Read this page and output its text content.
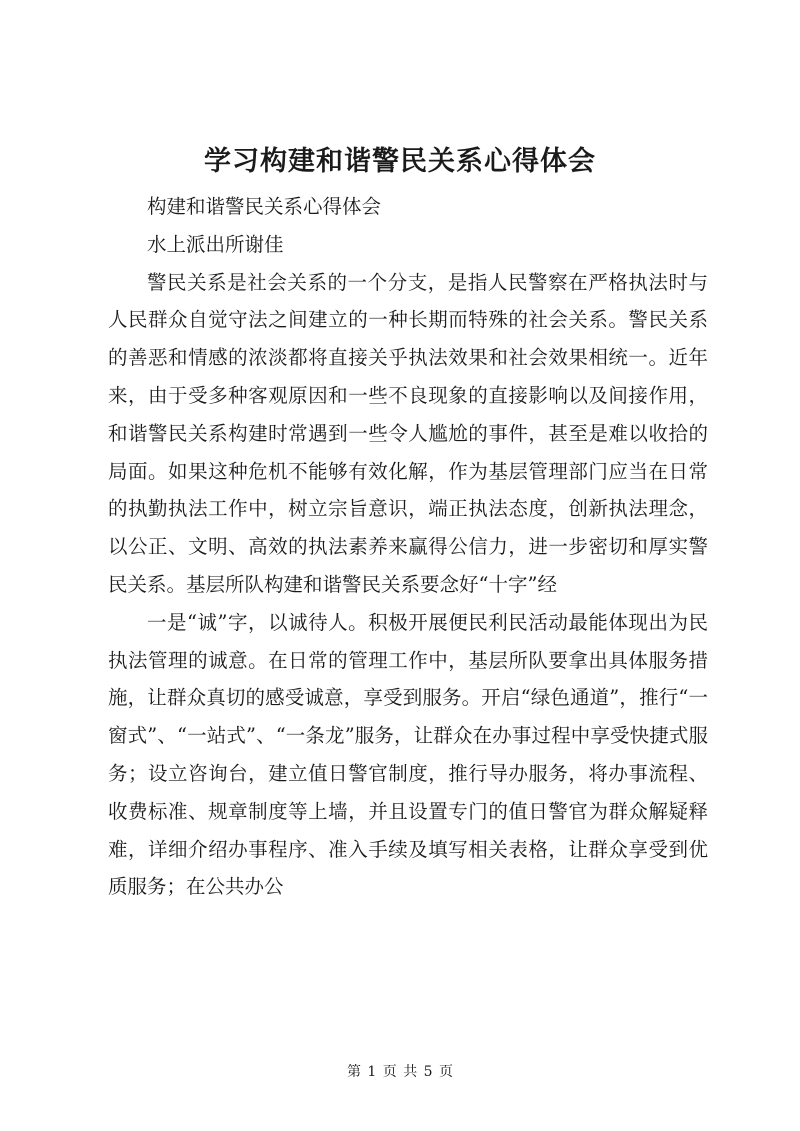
学习构建和谐警民关系心得体会

构建和谐警民关系心得体会

水上派出所谢佳

警民关系是社会关系的一个分支，是指人民警察在严格执法时与人民群众自觉守法之间建立的一种长期而特殊的社会关系。警民关系的善恶和情感的浓淡都将直接关乎执法效果和社会效果相统一。近年来，由于受多种客观原因和一些不良现象的直接影响以及间接作用，和谐警民关系构建时常遇到一些令人尴尬的事件，甚至是难以收拾的局面。如果这种危机不能够有效化解，作为基层管理部门应当在日常的执勤执法工作中，树立宗旨意识，端正执法态度，创新执法理念，以公正、文明、高效的执法素养来赢得公信力，进一步密切和厚实警民关系。基层所队构建和谐警民关系要念好“十字”经

一是“诚”字，以诚待人。积极开展便民利民活动最能体现出为民执法管理的诚意。在日常的管理工作中，基层所队要拿出具体服务措施，让群众真切的感受诚意，享受到服务。开启“绿色通道”，推行“一窗式”、“一站式”、“一条龙”服务，让群众在办事过程中享受快捷式服务；设立咨询台，建立值日警官制度，推行导办服务，将办事流程、收费标准、规章制度等上墙，并且设置专门的值日警官为群众解疑释难，详细介绍办事程序、准入手续及填写相关表格，让群众享受到优质服务；在公共办公

第 1 页 共 5 页
